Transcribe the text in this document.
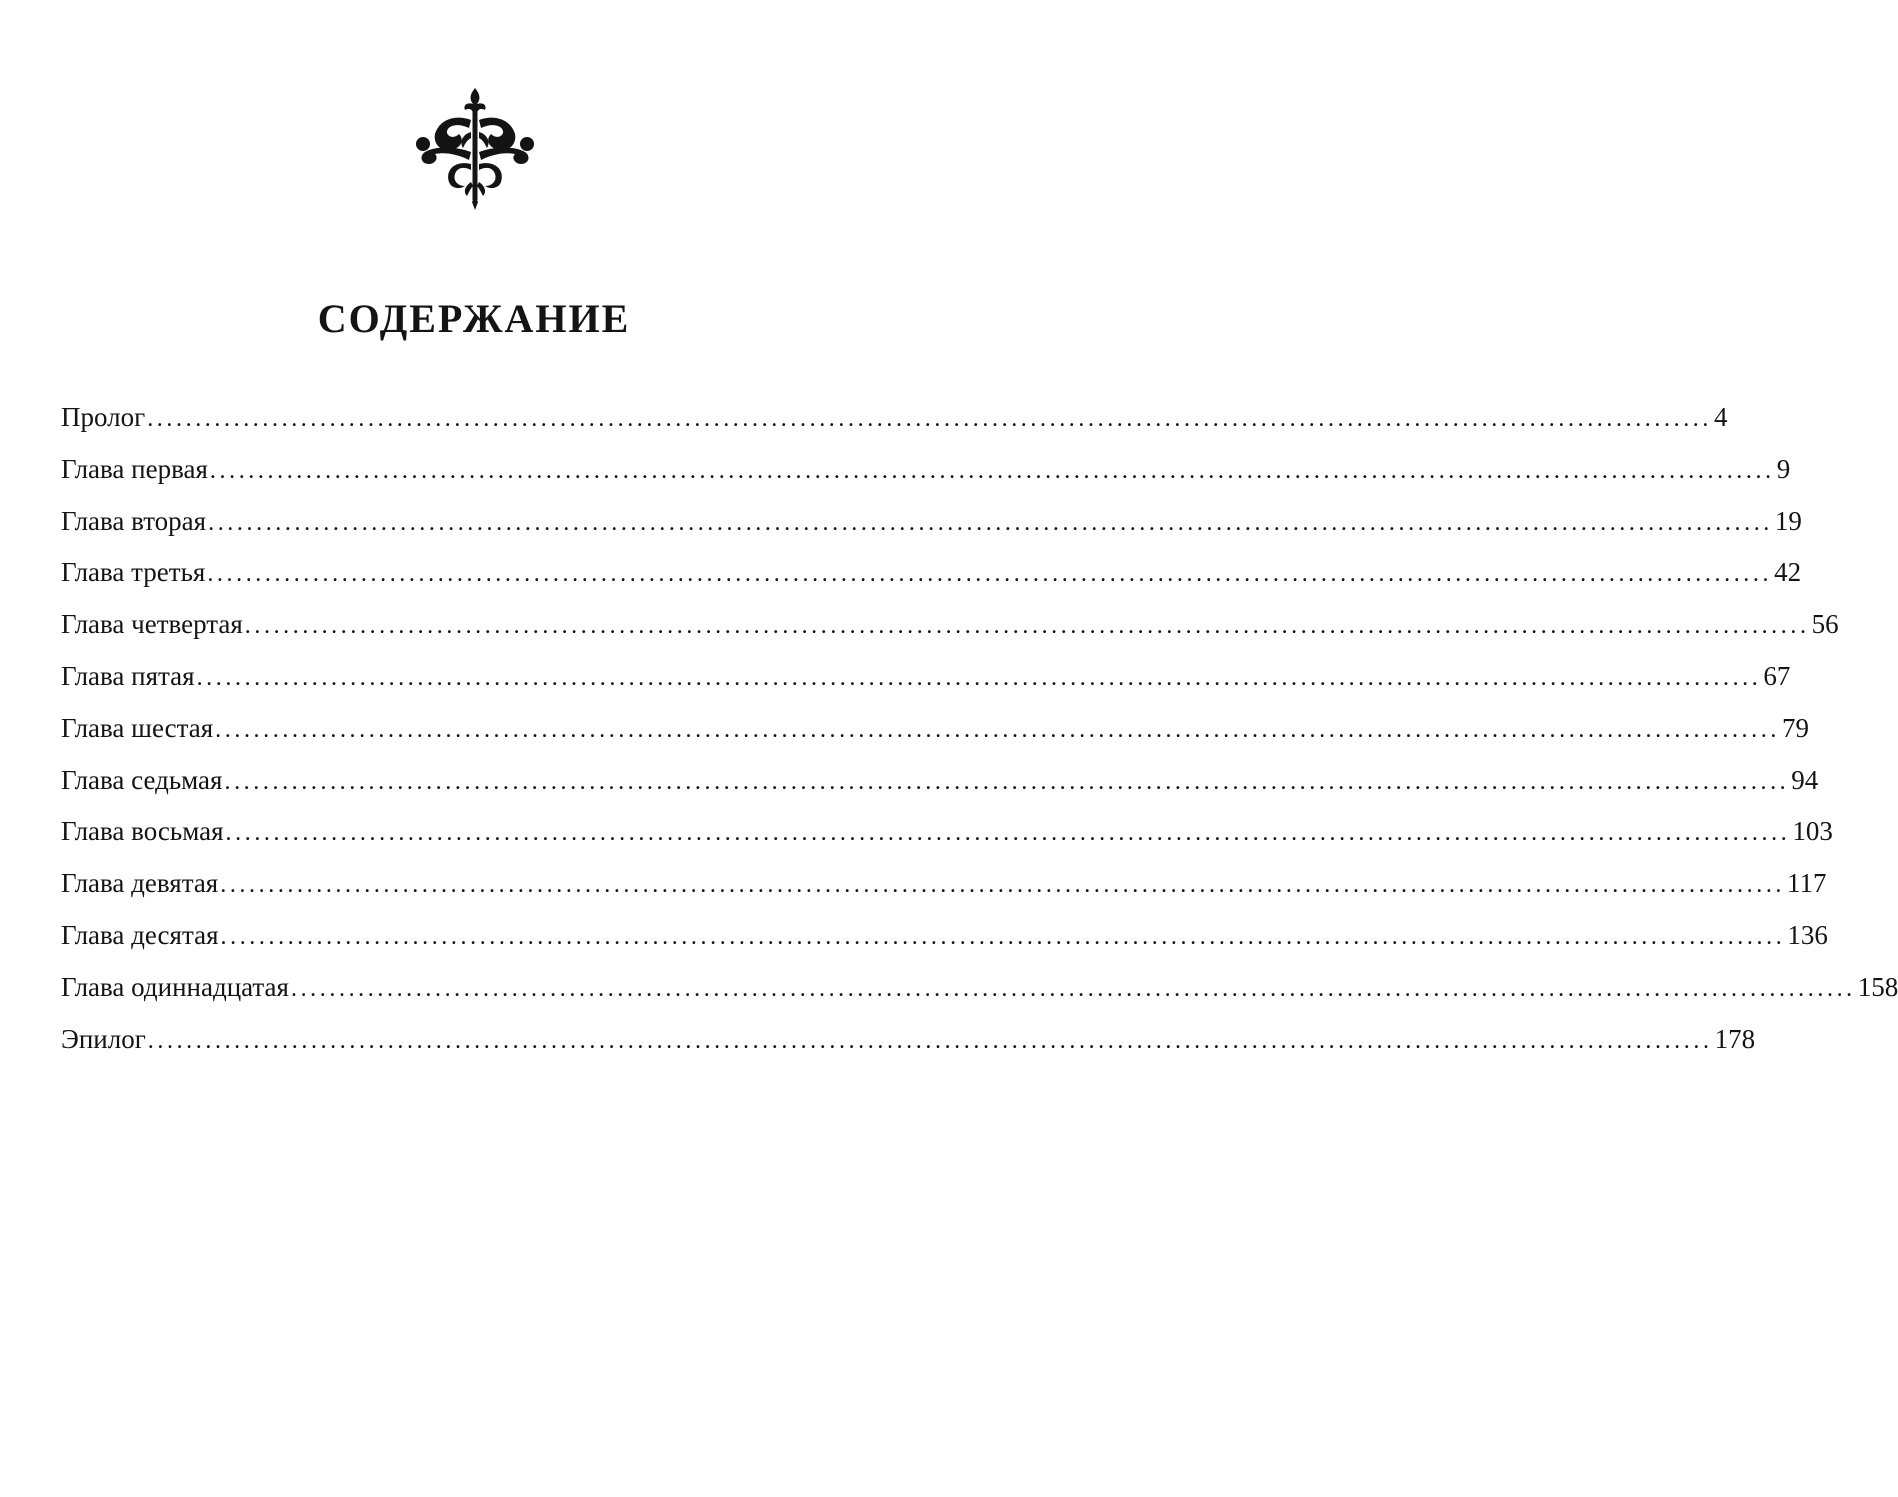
СОДЕРЖАНИЕ
Пролог ................................................................................................................................................................... 4
Глава первая ................................................................................................................................................................... 9
Глава вторая ................................................................................................................................................................... 19
Глава третья ................................................................................................................................................................... 42
Глава четвертая ................................................................................................................................................................... 56
Глава пятая ................................................................................................................................................................... 67
Глава шестая ................................................................................................................................................................... 79
Глава седьмая ................................................................................................................................................................... 94
Глава восьмая ................................................................................................................................................................... 103
Глава девятая ................................................................................................................................................................... 117
Глава десятая ................................................................................................................................................................... 136
Глава одиннадцатая ................................................................................................................................................................... 158
Эпилог ................................................................................................................................................................... 178
